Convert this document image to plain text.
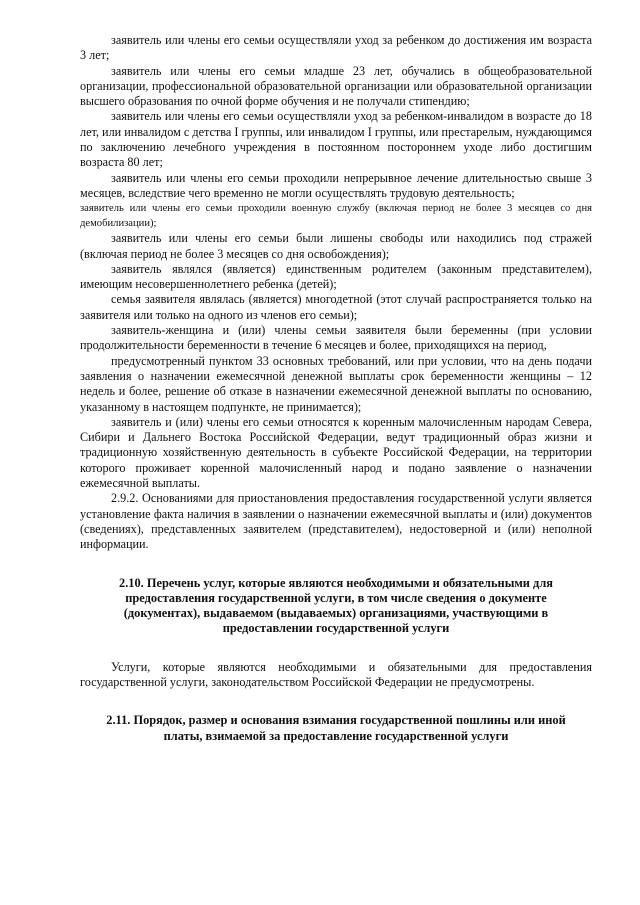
заявитель или члены его семьи осуществляли уход за ребенком до достижения им возраста 3 лет;

заявитель или члены его семьи младше 23 лет, обучались в общеобразовательной организации, профессиональной образовательной организации или образовательной организации высшего образования по очной форме обучения и не получали стипендию;

заявитель или члены его семьи осуществляли уход за ребенком-инвалидом в возрасте до 18 лет, или инвалидом с детства I группы, или инвалидом I группы, или престарелым, нуждающимся по заключению лечебного учреждения в постоянном постороннем уходе либо достигшим возраста 80 лет;

заявитель или члены его семьи проходили непрерывное лечение длительностью свыше 3 месяцев, вследствие чего временно не могли осуществлять трудовую деятельность;

заявитель или члены его семьи проходили военную службу (включая период не более 3 месяцев со дня демобилизации);

заявитель или члены его семьи были лишены свободы или находились под стражей (включая период не более 3 месяцев со дня освобождения);

заявитель являлся (является) единственным родителем (законным представителем), имеющим несовершеннолетнего ребенка (детей);

семья заявителя являлась (является) многодетной (этот случай распространяется только на заявителя или только на одного из членов его семьи);

заявитель-женщина и (или) члены семьи заявителя были беременны (при условии продолжительности беременности в течение 6 месяцев и более, приходящихся на период,

предусмотренный пунктом 33 основных требований, или при условии, что на день подачи заявления о назначении ежемесячной денежной выплаты срок беременности женщины – 12 недель и более, решение об отказе в назначении ежемесячной денежной выплаты по основанию, указанному в настоящем подпункте, не принимается);

заявитель и (или) члены его семьи относятся к коренным малочисленным народам Севера, Сибири и Дальнего Востока Российской Федерации, ведут традиционный образ жизни и традиционную хозяйственную деятельность в субъекте Российской Федерации, на территории которого проживает коренной малочисленный народ и подано заявление о назначении ежемесячной выплаты.

2.9.2. Основаниями для приостановления предоставления государственной услуги является установление факта наличия в заявлении о назначении ежемесячной выплаты и (или) документов (сведениях), представленных заявителем (представителем), недостоверной и (или) неполной информации.

2.10. Перечень услуг, которые являются необходимыми и обязательными для предоставления государственной услуги, в том числе сведения о документе (документах), выдаваемом (выдаваемых) организациями, участвующими в предоставлении государственной услуги

Услуги, которые являются необходимыми и обязательными для предоставления государственной услуги, законодательством Российской Федерации не предусмотрены.

2.11. Порядок, размер и основания взимания государственной пошлины или иной платы, взимаемой за предоставление государственной услуги
